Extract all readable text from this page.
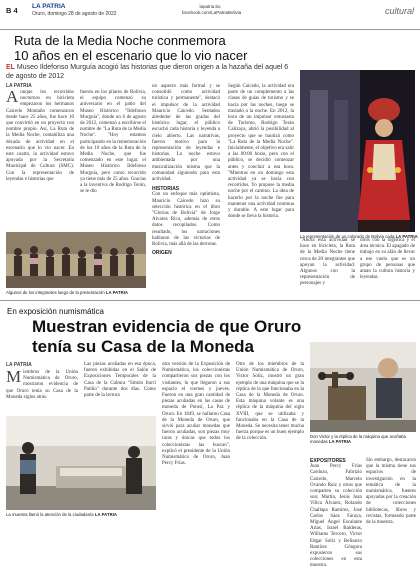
B 4 LA PATRIA
Oruro, domingo 28 de agosto de 2022
lapatria.bo
facebook.com/LaPatriaBolivia	cultural
Ruta de la Media Noche conmemora
10 años en el escenario que lo vio nacer
EL Museo Ildefonso Murguía acogió las historias que dieron origen a la hazaña del aquel 6 de agosto de 2012
LA PATRIA
A unque los recorridos nocturnos en bicicleta empezaron los hermanos Caicedo Montaño comenzaron desde hace 25 años, fue hace 10 que convirtió en un proyecto con nombre propio. Así, La Ruta de la Media Noche, contabiliza una década de actividad en el escenario que lo vio nacer. En este cuarto, la actividad estuvo apoyada por la Secretaría Municipal de Cultura (SMC). Con la representación de leyendas e historias que
fueron en los pilares de Bolivia, el equipo comenzó su aniversario en el patio del Museo Histórico "Ildefonso Murguía", donde un 6 de agosto de 2012, comenzó a escribirse el nombre de "La Ruta de la Media Noche". "Hoy estamos participando en la rememoración de los 10 años de la Ruta de la Media Noche, que fue comenzado en este lugar, el Museo Histórico Ildefonso Murguía, pero como recorrido ya tiene más de 25 años. Gracias a la inventiva de Rodrigo Terán, se le dio
un aspecto más formal y se consolidó como actividad turística y permanente", destacó el impulsor de la actividad Mauricio Caicedo. Sentados alrededor de las gradas del histórico lugar, el público escuchó cada historia y leyenda a cielo abierto. Las narrativas, fueron motivo para la representación de leyendas e historias. La noche estuvo ambientada por una musicalización misma que la comunidad siguiendo para esta actividad.
HISTORIAS
Con un enfoque más optimista, Mauricio Caicedo hizo su selección histórica en el libro "Glorias de Bolivia" de Jorge Alvarez Rico, además de otros datos recopilados. Como resultado, los narraciones hablaron de las victorias de Bolivia, más allá de las derrotas.
ORIGEN
Según Caicedo, la actividad era parte de un complemento a las clases de guías de turismo y se hacía por las noches, luego se trasladó a la noche. En 2012, la hora de un impulsor entusiasta de Turismo, Rodrigo Terán Calizaya, abrió la posibilidad al proyecto que se bautizó como "La Ruta de la Media Noche". Inicialmente, el objetivo era salir a las 00:00 horas, pero con el público, se decidió comenzar antes y concluir a esa hora. "Mientras en un domingo esta actividad ya se hacía con recorridos. Yo propuse la media noche por el camino. La idea de hacerlo por la noche fue para mantener una actividad continua y durable. A este lugar para donde se lleva la historia.
"Ahora esta actividad se hace en bicicleta, la Ruta de la Media Noche tiene cerca de 20 integrantes que apoyan la actividad. Algunos con la representación de personajes y
otros con la logística y el área técnica. El apagado de trabajo en su afán de llevar a ese vuelo que es un grupo de personas que aman la cultura historia y leyendas.
Algunos de los integrantes luego de la presentación LA PATRIA
La representación de un colorado de Bolivia cada LA PATRIA
En exposición numismática
Muestran evidencia de que Oruro
tenía su Casa de la Moneda
LA PATRIA
M iembros de la Unión Numismática de Oruro, mostraron evidencia de que Oruro tenía su Casa de la Moneda siglos atrás.
Las piezas acuñadas en esa época, fueron exhibidas en el Salón de Exposiciones Temporales de la Casa de la Cultura "Simón Iturri Patiño" durante dos días. Como parte de la lectura
otra versión de la Exposición de Numismática, los coleccionistas compartieron sus piezas con los visitantes, lo que llegaron a sus espacio el viernes y jueves. Fueron en una gran cantidad de piezas acuñadas en las casas de moneda de Potosí, La Paz y Oruro. En 1849, se hallaron Casa de la Moneda de Oruro, que sirvió para acuñar monedas que fueron acuñadas, son piezas muy raras y únicas que todos los coleccionistas las buscan", explicó el presidente de la Unión Numismática de Oruro, Juan Percy Frías.
Otro de los miembros de la Unión Numismática de Oruro, Victor Soliz, mostró un gran ejemplo de una máquina que se la réplica de la que funcionaba en la Casa de la Moneda de Oruro. Esta máquina volante es una réplica de la máquina del siglo XVIII, que se utilizaba y funcionaba en la Casa de la Moneda. Se necesita tener mucha fuerza porque es un buen ejemplo de la colección.
EXPOSITORES
Juan Percy Frías Cardozo, Fabrizio Caicedo, Marcelo Ovando Ruiz y otros que comparten su colección son: Martín, Jesús Juan Villca Álvarez, Rolando Challapa Ramírez, José Carlos Sáez Faraya, Miguel Ángel Escalante Arias, Israel Balderas, Williams Tercero, Victor Edgar Soliz y Belisario Ramírez Góngora expusieron sus colecciones en esta muestra.
Sin embargo, destacaron que la misma tiene sus espacios de investigación en la temática de la numismática, fuentes apoyadas por la creación de colecciones bibliotecas, libros y revistas, formando parte de la muestra.
La muestra llamó la atención de la ciudadanía LA PATRIA
Don Victor y la réplica de la máquina que acuñaba monedas LA PATRIA
